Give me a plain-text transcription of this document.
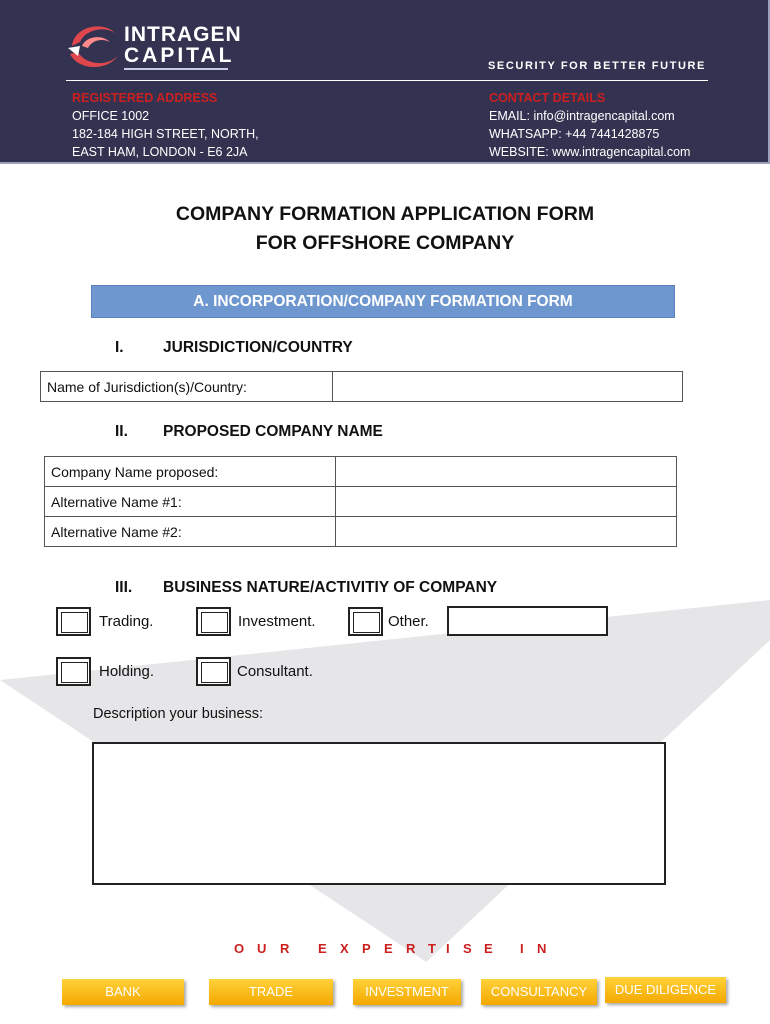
INTRAGEN
CAPITAL	SECURITY FOR BETTER FUTURE
REGISTERED ADDRESS
OFFICE 1002
182-184 HIGH STREET, NORTH,
EAST HAM, LONDON - E6 2JA
CONTACT DETAILS
EMAIL: info@intragencapital.com
WHATSAPP: +44 7441428875
WEBSITE: www.intragencapital.com
COMPANY FORMATION APPLICATION FORM
FOR OFFSHORE COMPANY
A. INCORPORATION/COMPANY FORMATION FORM
I.	JURISDICTION/COUNTRY
Name of Jurisdiction(s)/Country:	
II. PROPOSED COMPANY NAME
Company Name proposed:	
Alternative Name #1:	
Alternative Name #2:	
III. BUSINESS NATURE/ACTIVITIY OF COMPANY
Trading.	Investment.	Other.
Holding.	Consultant.
Description your business:
O U R E X P E R T I S E I N
BANK	TRADE	INVESTMENT	CONSULTANCY	DUE DILIGENCE
